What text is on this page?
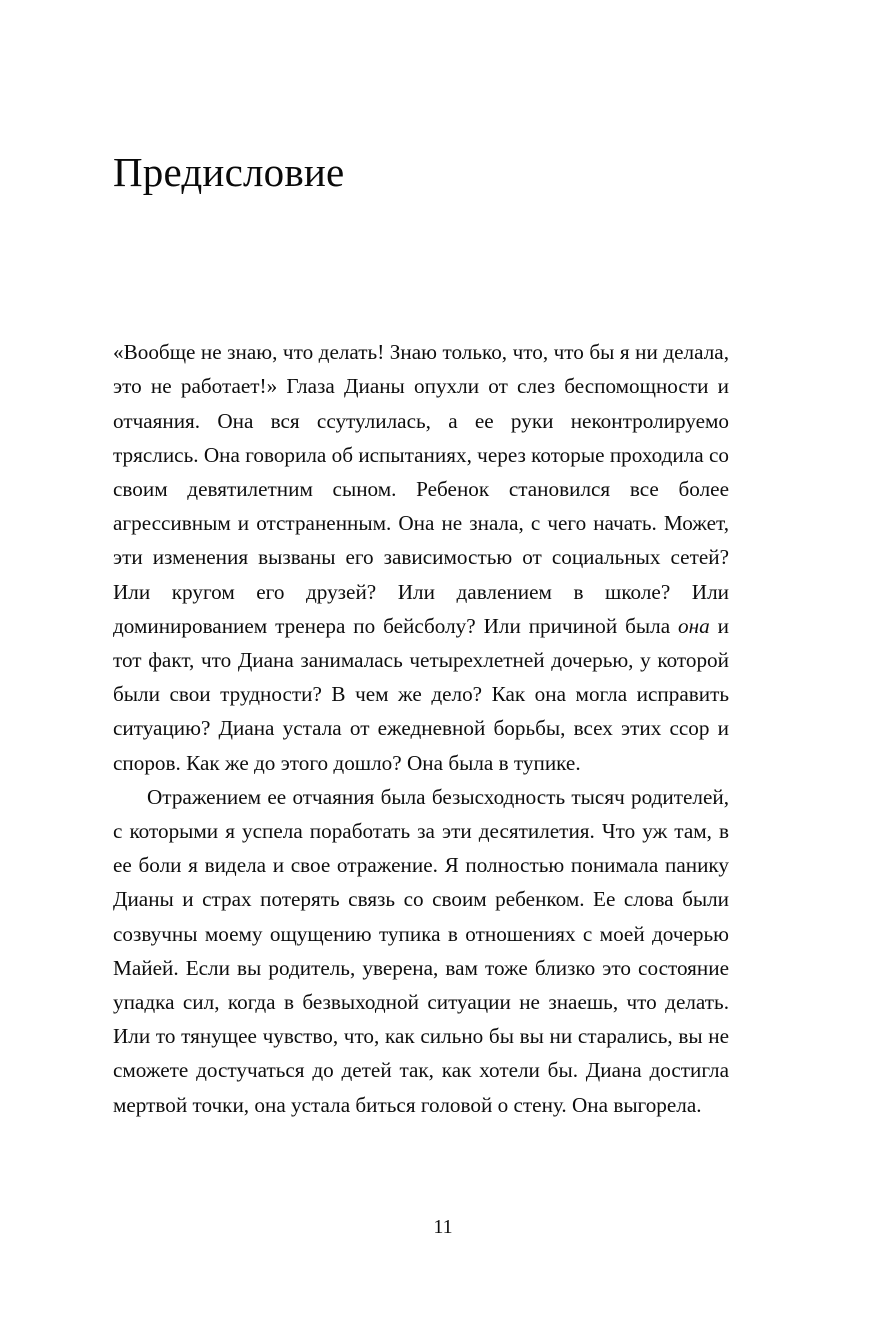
Предисловие

«Вообще не знаю, что делать! Знаю только, что, что бы я ни делала, это не работает!» Глаза Дианы опухли от слез беспомощности и отчаяния. Она вся ссутулилась, а ее руки неконтролируемо тряслись. Она говорила об испытаниях, через которые проходила со своим девятилетним сыном. Ребенок становился все более агрессивным и отстраненным. Она не знала, с чего начать. Может, эти изменения вызваны его зависимостью от социальных сетей? Или кругом его друзей? Или давлением в школе? Или доминированием тренера по бейсболу? Или причиной была она и тот факт, что Диана занималась четырехлетней дочерью, у которой были свои трудности? В чем же дело? Как она могла исправить ситуацию? Диана устала от ежедневной борьбы, всех этих ссор и споров. Как же до этого дошло? Она была в тупике.

Отражением ее отчаяния была безысходность тысяч родителей, с которыми я успела поработать за эти десятилетия. Что уж там, в ее боли я видела и свое отражение. Я полностью понимала панику Дианы и страх потерять связь со своим ребенком. Ее слова были созвучны моему ощущению тупика в отношениях с моей дочерью Майей. Если вы родитель, уверена, вам тоже близко это состояние упадка сил, когда в безвыходной ситуации не знаешь, что делать. Или то тянущее чувство, что, как сильно бы вы ни старались, вы не сможете достучаться до детей так, как хотели бы. Диана достигла мертвой точки, она устала биться головой о стену. Она выгорела.

11
